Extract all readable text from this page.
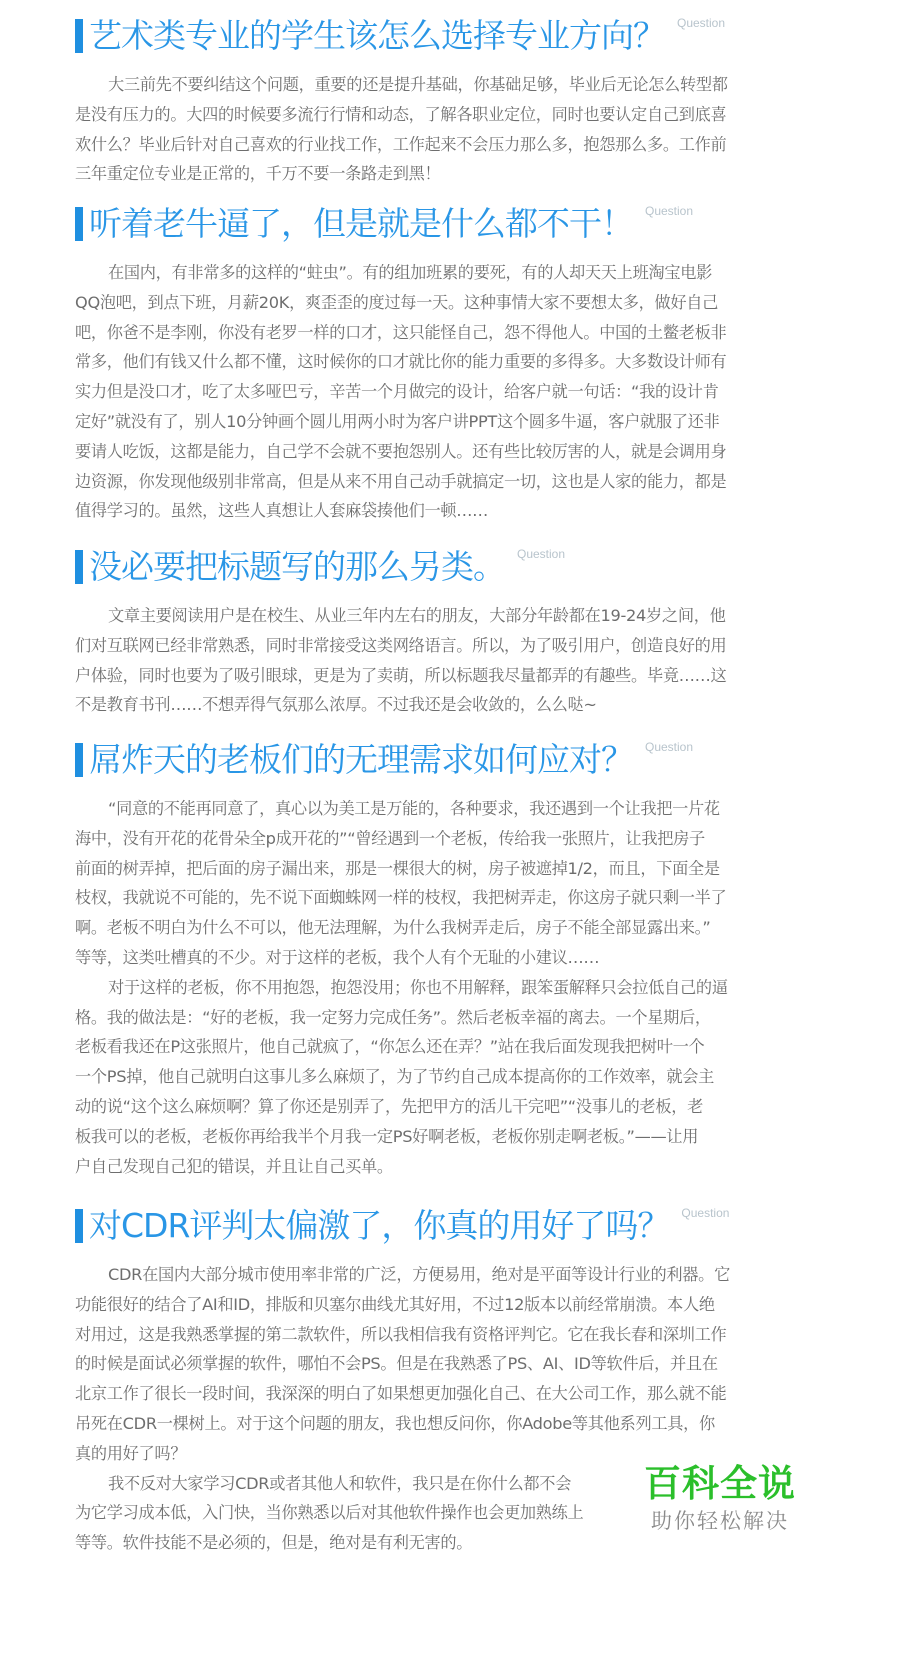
艺术类专业的学生该怎么选择专业方向？ Question
大三前先不要纠结这个问题，重要的还是提升基础，你基础足够，毕业后无论怎么转型都
是没有压力的。大四的时候要多流行行情和动态，了解各职业定位，同时也要认定自己到底喜
欢什么？毕业后针对自己喜欢的行业找工作，工作起来不会压力那么多，抱怨那么多。工作前
三年重定位专业是正常的，千万不要一条路走到黑！
听着老牛逼了，但是就是什么都不干！ Question
在国内，有非常多的这样的“蛀虫”。有的组加班累的要死，有的人却天天上班淘宝电影
QQ泡吧，到点下班，月薪20K，爽歪歪的度过每一天。这种事情大家不要想太多，做好自己
吧，你爸不是李刚，你没有老罗一样的口才，这只能怪自己，怨不得他人。中国的土鳖老板非
常多，他们有钱又什么都不懂，这时候你的口才就比你的能力重要的多得多。大多数设计师有
实力但是没口才，吃了太多哑巴亏，辛苦一个月做完的设计，给客户就一句话：“我的设计肯
定好”就没有了，别人10分钟画个圆儿用两小时为客户讲PPT这个圆多牛逼，客户就服了还非
要请人吃饭，这都是能力，自己学不会就不要抱怨别人。还有些比较厉害的人，就是会调用身
边资源，你发现他级别非常高，但是从来不用自己动手就搞定一切，这也是人家的能力，都是
值得学习的。虽然，这些人真想让人套麻袋揍他们一顿……
没必要把标题写的那么另类。 Question
文章主要阅读用户是在校生、从业三年内左右的朋友，大部分年龄都在19-24岁之间，他
们对互联网已经非常熟悉，同时非常接受这类网络语言。所以，为了吸引用户，创造良好的用
户体验，同时也要为了吸引眼球，更是为了卖萌，所以标题我尽量都弄的有趣些。毕竟……这
不是教育书刊……不想弄得气氛那么浓厚。不过我还是会收敛的，么么哒~
屌炸天的老板们的无理需求如何应对？ Question
“同意的不能再同意了，真心以为美工是万能的，各种要求，我还遇到一个让我把一片花
海中，没有开花的花骨朵全p成开花的”“曾经遇到一个老板，传给我一张照片，让我把房子
前面的树弄掉，把后面的房子漏出来，那是一棵很大的树，房子被遮掉1/2，而且，下面全是
枝杈，我就说不可能的，先不说下面蜘蛛网一样的枝杈，我把树弄走，你这房子就只剩一半了
啊。老板不明白为什么不可以，他无法理解，为什么我树弄走后，房子不能全部显露出来。”
等等，这类吐槽真的不少。对于这样的老板，我个人有个无耻的小建议……
对于这样的老板，你不用抱怨，抱怨没用；你也不用解释，跟笨蛋解释只会拉低自己的逼
格。我的做法是：“好的老板，我一定努力完成任务”。然后老板幸福的离去。一个星期后，
老板看我还在P这张照片，他自己就疯了，“你怎么还在弄？”站在我后面发现我把树叶一个
一个PS掉，他自己就明白这事儿多么麻烦了，为了节约自己成本提高你的工作效率，就会主
动的说“这个这么麻烦啊？算了你还是别弄了，先把甲方的活儿干完吧”“没事儿的老板，老
板我可以的老板，老板你再给我半个月我一定PS好啊老板，老板你别走啊老板。”——让用
户自己发现自己犯的错误，并且让自己买单。
对CDR评判太偏激了，你真的用好了吗？ Question
CDR在国内大部分城市使用率非常的广泛，方便易用，绝对是平面等设计行业的利器。它
功能很好的结合了AI和ID，排版和贝塞尔曲线尤其好用，不过12版本以前经常崩溃。本人绝
对用过，这是我熟悉掌握的第二款软件，所以我相信我有资格评判它。它在我长春和深圳工作
的时候是面试必须掌握的软件，哪怕不会PS。但是在我熟悉了PS、AI、ID等软件后，并且在
北京工作了很长一段时间，我深深的明白了如果想更加强化自己、在大公司工作，那么就不能
吊死在CDR一棵树上。对于这个问题的朋友，我也想反问你，你Adobe等其他系列工具，你
真的用好了吗？
我不反对大家学习CDR或者其他人和软件，我只是在你什么都不会
为它学习成本低，入门快，当你熟悉以后对其他软件操作也会更加熟练上
等等。软件技能不是必须的，但是，绝对是有利无害的。
百科全说
助你轻松解决
